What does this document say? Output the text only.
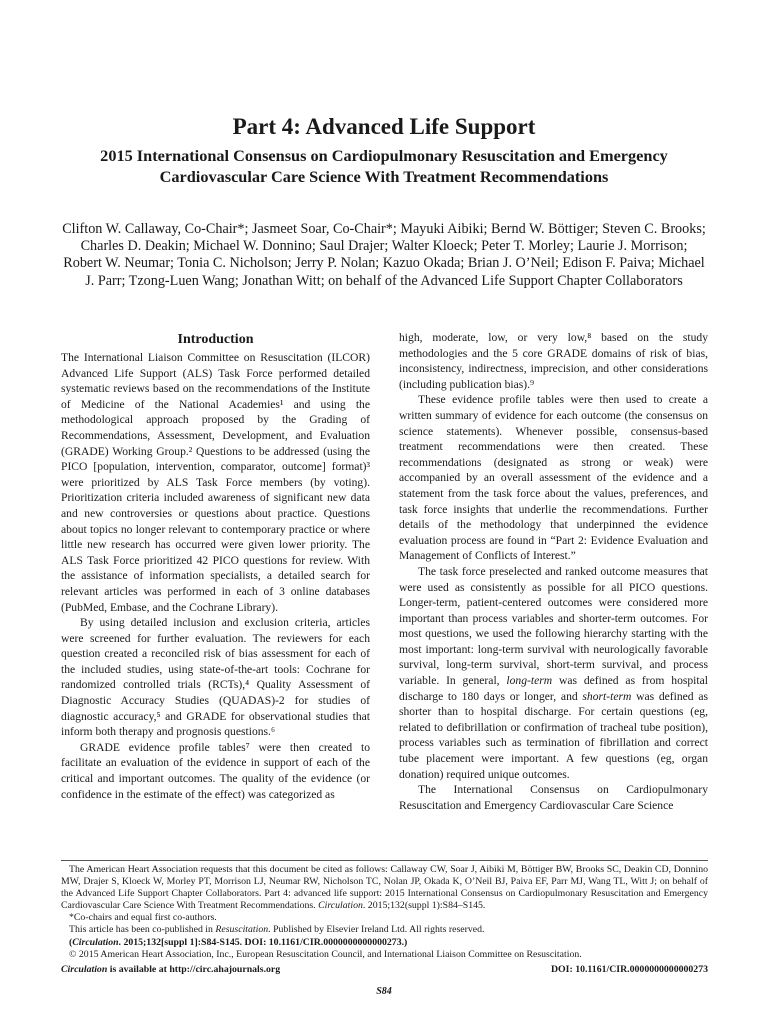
Part 4: Advanced Life Support
2015 International Consensus on Cardiopulmonary Resuscitation and Emergency Cardiovascular Care Science With Treatment Recommendations
Clifton W. Callaway, Co-Chair*; Jasmeet Soar, Co-Chair*; Mayuki Aibiki; Bernd W. Böttiger; Steven C. Brooks; Charles D. Deakin; Michael W. Donnino; Saul Drajer; Walter Kloeck; Peter T. Morley; Laurie J. Morrison; Robert W. Neumar; Tonia C. Nicholson; Jerry P. Nolan; Kazuo Okada; Brian J. O’Neil; Edison F. Paiva; Michael J. Parr; Tzong-Luen Wang; Jonathan Witt; on behalf of the Advanced Life Support Chapter Collaborators
Introduction

The International Liaison Committee on Resuscitation (ILCOR) Advanced Life Support (ALS) Task Force performed detailed systematic reviews based on the recommendations of the Institute of Medicine of the National Academies¹ and using the methodological approach proposed by the Grading of Recommendations, Assessment, Development, and Evaluation (GRADE) Working Group.² Questions to be addressed (using the PICO [population, intervention, comparator, outcome] format)³ were prioritized by ALS Task Force members (by voting). Prioritization criteria included awareness of significant new data and new controversies or questions about practice. Questions about topics no longer relevant to contemporary practice or where little new research has occurred were given lower priority. The ALS Task Force prioritized 42 PICO questions for review. With the assistance of information specialists, a detailed search for relevant articles was performed in each of 3 online databases (PubMed, Embase, and the Cochrane Library).

By using detailed inclusion and exclusion criteria, articles were screened for further evaluation. The reviewers for each question created a reconciled risk of bias assessment for each of the included studies, using state-of-the-art tools: Cochrane for randomized controlled trials (RCTs),⁴ Quality Assessment of Diagnostic Accuracy Studies (QUADAS)-2 for studies of diagnostic accuracy,⁵ and GRADE for observational studies that inform both therapy and prognosis questions.⁶

GRADE evidence profile tables⁷ were then created to facilitate an evaluation of the evidence in support of each of the critical and important outcomes. The quality of the evidence (or confidence in the estimate of the effect) was categorized as

high, moderate, low, or very low,⁸ based on the study methodologies and the 5 core GRADE domains of risk of bias, inconsistency, indirectness, imprecision, and other considerations (including publication bias).⁹

These evidence profile tables were then used to create a written summary of evidence for each outcome (the consensus on science statements). Whenever possible, consensus-based treatment recommendations were then created. These recommendations (designated as strong or weak) were accompanied by an overall assessment of the evidence and a statement from the task force about the values, preferences, and task force insights that underlie the recommendations. Further details of the methodology that underpinned the evidence evaluation process are found in “Part 2: Evidence Evaluation and Management of Conflicts of Interest.”

The task force preselected and ranked outcome measures that were used as consistently as possible for all PICO questions. Longer-term, patient-centered outcomes were considered more important than process variables and shorter-term outcomes. For most questions, we used the following hierarchy starting with the most important: long-term survival with neurologically favorable survival, long-term survival, short-term survival, and process variable. In general, long-term was defined as from hospital discharge to 180 days or longer, and short-term was defined as shorter than to hospital discharge. For certain questions (eg, related to defibrillation or confirmation of tracheal tube position), process variables such as termination of fibrillation and correct tube placement were important. A few questions (eg, organ donation) required unique outcomes.

The International Consensus on Cardiopulmonary Resuscitation and Emergency Cardiovascular Care Science

The American Heart Association requests that this document be cited as follows: Callaway CW, Soar J, Aibiki M, Böttiger BW, Brooks SC, Deakin CD, Donnino MW, Drajer S, Kloeck W, Morley PT, Morrison LJ, Neumar RW, Nicholson TC, Nolan JP, Okada K, O’Neil BJ, Paiva EF, Parr MJ, Wang TL, Witt J; on behalf of the Advanced Life Support Chapter Collaborators. Part 4: advanced life support: 2015 International Consensus on Cardiopulmonary Resuscitation and Emergency Cardiovascular Care Science With Treatment Recommendations. Circulation. 2015;132(suppl 1):S84–S145.

*Co-chairs and equal first co-authors.

This article has been co-published in Resuscitation. Published by Elsevier Ireland Ltd. All rights reserved.

(Circulation. 2015;132[suppl 1]:S84-S145. DOI: 10.1161/CIR.0000000000000273.)

© 2015 American Heart Association, Inc., European Resuscitation Council, and International Liaison Committee on Resuscitation.

Circulation is available at http://circ.ahajournals.org	DOI: 10.1161/CIR.0000000000000273
S84
